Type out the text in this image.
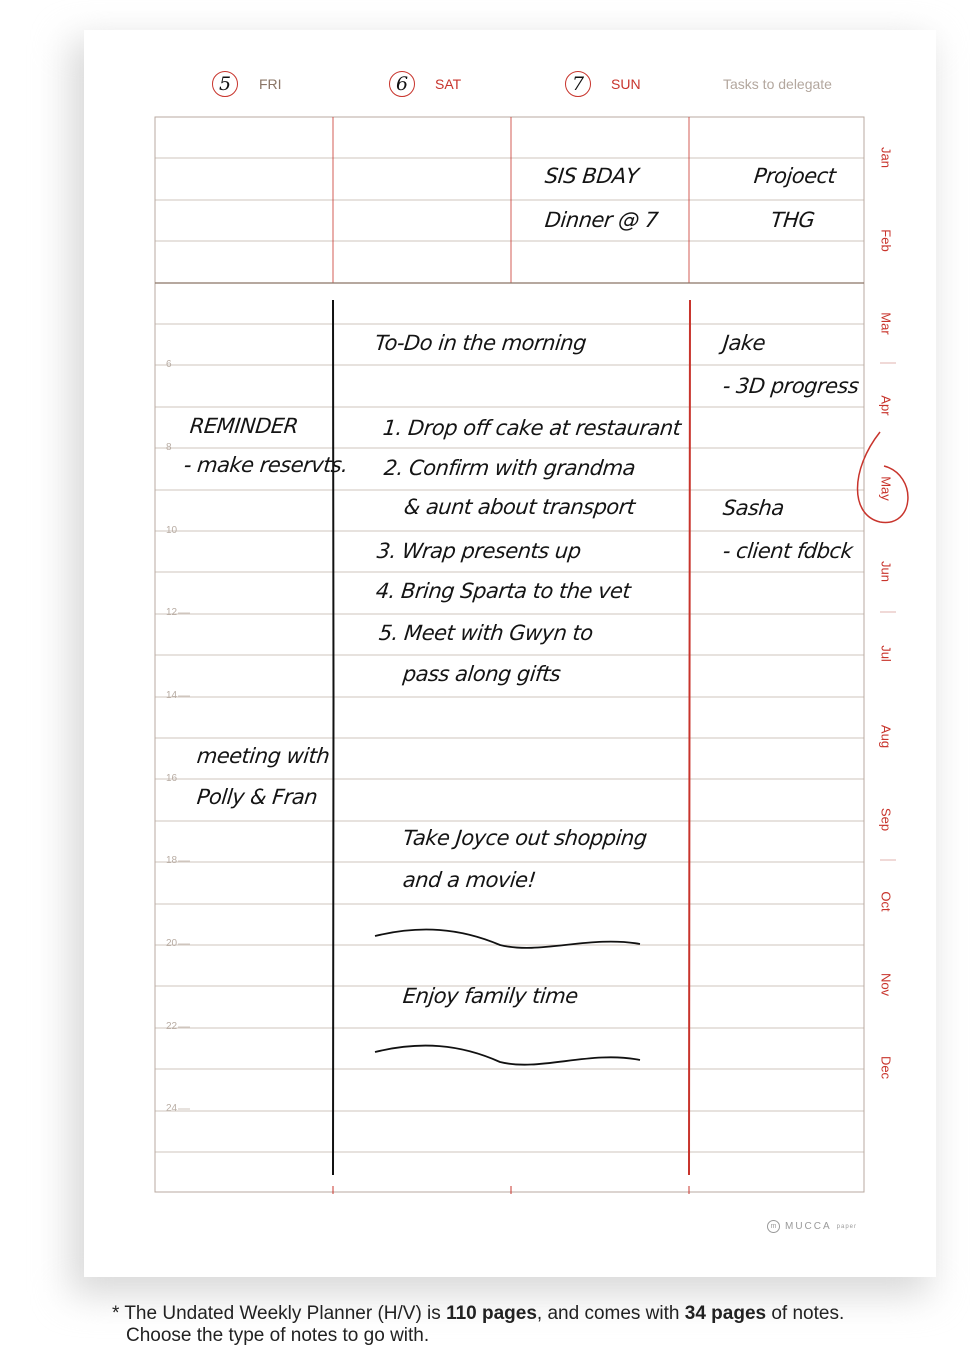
5	FRI	6	SAT	7	SUN	Tasks to delegate
6
8
10
12
14
16
18
20
22
24
Jan
Feb
Mar
Apr
May
Jun
Jul
Aug
Sep
Oct
Nov
Dec
SIS BDAY
Dinner @ 7
Projoect
THG
REMINDER
- make reservts.
meeting with
Polly & Fran
To-Do in the morning
1. Drop off cake at restaurant
2. Confirm with grandma
& aunt about transport
3. Wrap presents up
4. Bring Sparta to the vet
5. Meet with Gwyn to
pass along gifts
Take Joyce out shopping
and a movie!
Enjoy family time
Jake
- 3D progress
Sasha
- client fdbck
m MUCCA paper
* The Undated Weekly Planner (H/V) is 110 pages, and comes with 34 pages of notes.
Choose the type of notes to go with.
